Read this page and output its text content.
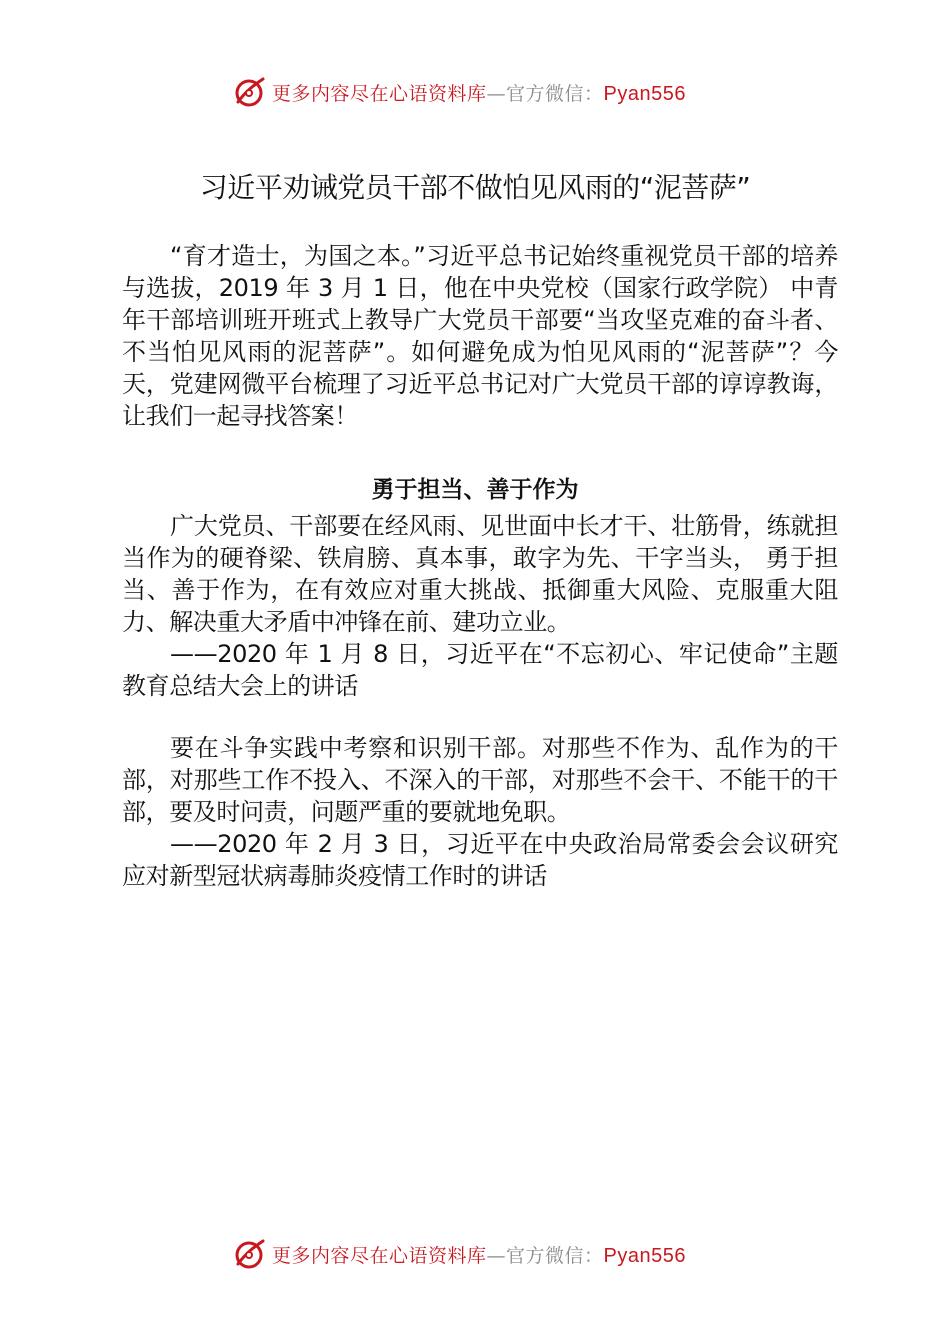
更多内容尽在心语资料库—官方微信：Pyan556
习近平劝诫党员干部不做怕见风雨的“泥菩萨”

“育才造士，为国之本。”习近平总书记始终重视党员干部的培养与选拔，2019 年 3 月 1 日，他在中央党校（国家行政学院） 中青年干部培训班开班式上教导广大党员干部要“当攻坚克难的奋斗者、不当怕见风雨的泥菩萨”。如何避免成为怕见风雨的“泥菩萨”？今天，党建网微平台梳理了习近平总书记对广大党员干部的谆谆教诲，让我们一起寻找答案！

勇于担当、善于作为

广大党员、干部要在经风雨、见世面中长才干、壮筋骨，练就担当作为的硬脊梁、铁肩膀、真本事，敢字为先、干字当头， 勇于担当、善于作为，在有效应对重大挑战、抵御重大风险、克服重大阻力、解决重大矛盾中冲锋在前、建功立业。

——2020 年 1 月 8 日，习近平在“不忘初心、牢记使命”主题教育总结大会上的讲话

要在斗争实践中考察和识别干部。对那些不作为、乱作为的干部，对那些工作不投入、不深入的干部，对那些不会干、不能干的干部，要及时问责，问题严重的要就地免职。

——2020 年 2 月 3 日，习近平在中央政治局常委会会议研究应对新型冠状病毒肺炎疫情工作时的讲话

更多内容尽在心语资料库—官方微信：Pyan556
